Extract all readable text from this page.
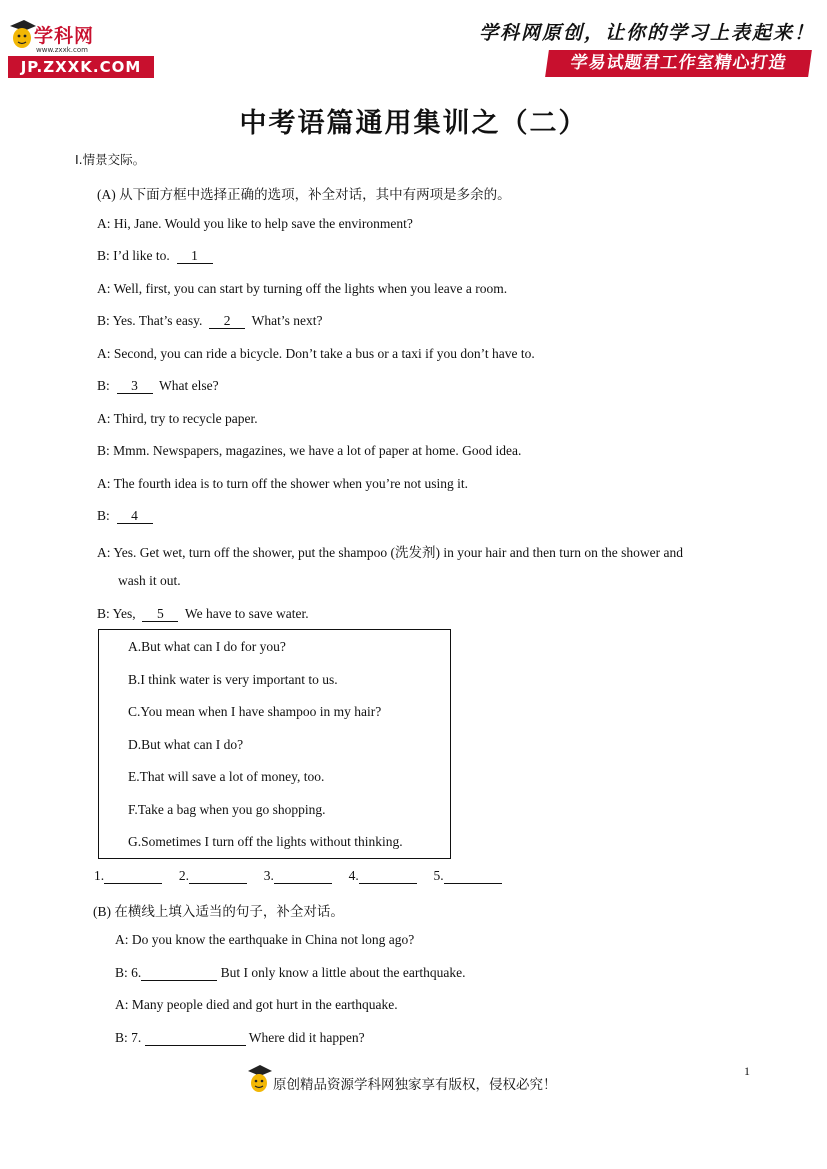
学科网
www.zxxk.com
JP.ZXXK.COM
学科网原创，让你的学习上表起来！
学易试题君工作室精心打造
中考语篇通用集训之（二）
I.情景交际。
(A) 从下面方框中选择正确的选项，补全对话，其中有两项是多余的。
A: Hi, Jane. Would you like to help save the environment?
B: I’d like to. 1
A: Well, first, you can start by turning off the lights when you leave a room.
B: Yes. That’s easy. 2 What’s next?
A: Second, you can ride a bicycle. Don’t take a bus or a taxi if you don’t have to.
B: 3 What else?
A: Third, try to recycle paper.
B: Mmm. Newspapers, magazines, we have a lot of paper at home. Good idea.
A: The fourth idea is to turn off the shower when you’re not using it.
B: 4
A: Yes. Get wet, turn off the shower, put the shampoo (洗发剂) in your hair and then turn on the shower and
wash it out.
B: Yes, 5 We have to save water.
A.But what can I do for you?
B.I think water is very important to us.
C.You mean when I have shampoo in my hair?
D.But what can I do?
E.That will save a lot of money, too.
F.Take a bag when you go shopping.
G.Sometimes I turn off the lights without thinking.
1.	2.	3.	4.	5.
(B) 在横线上填入适当的句子，补全对话。
A: Do you know the earthquake in China not long ago?
B: 6.	But I only know a little about the earthquake.
A: Many people died and got hurt in the earthquake.
B: 7.	Where did it happen?
原创精品资源学科网独家享有版权，侵权必究！
1
